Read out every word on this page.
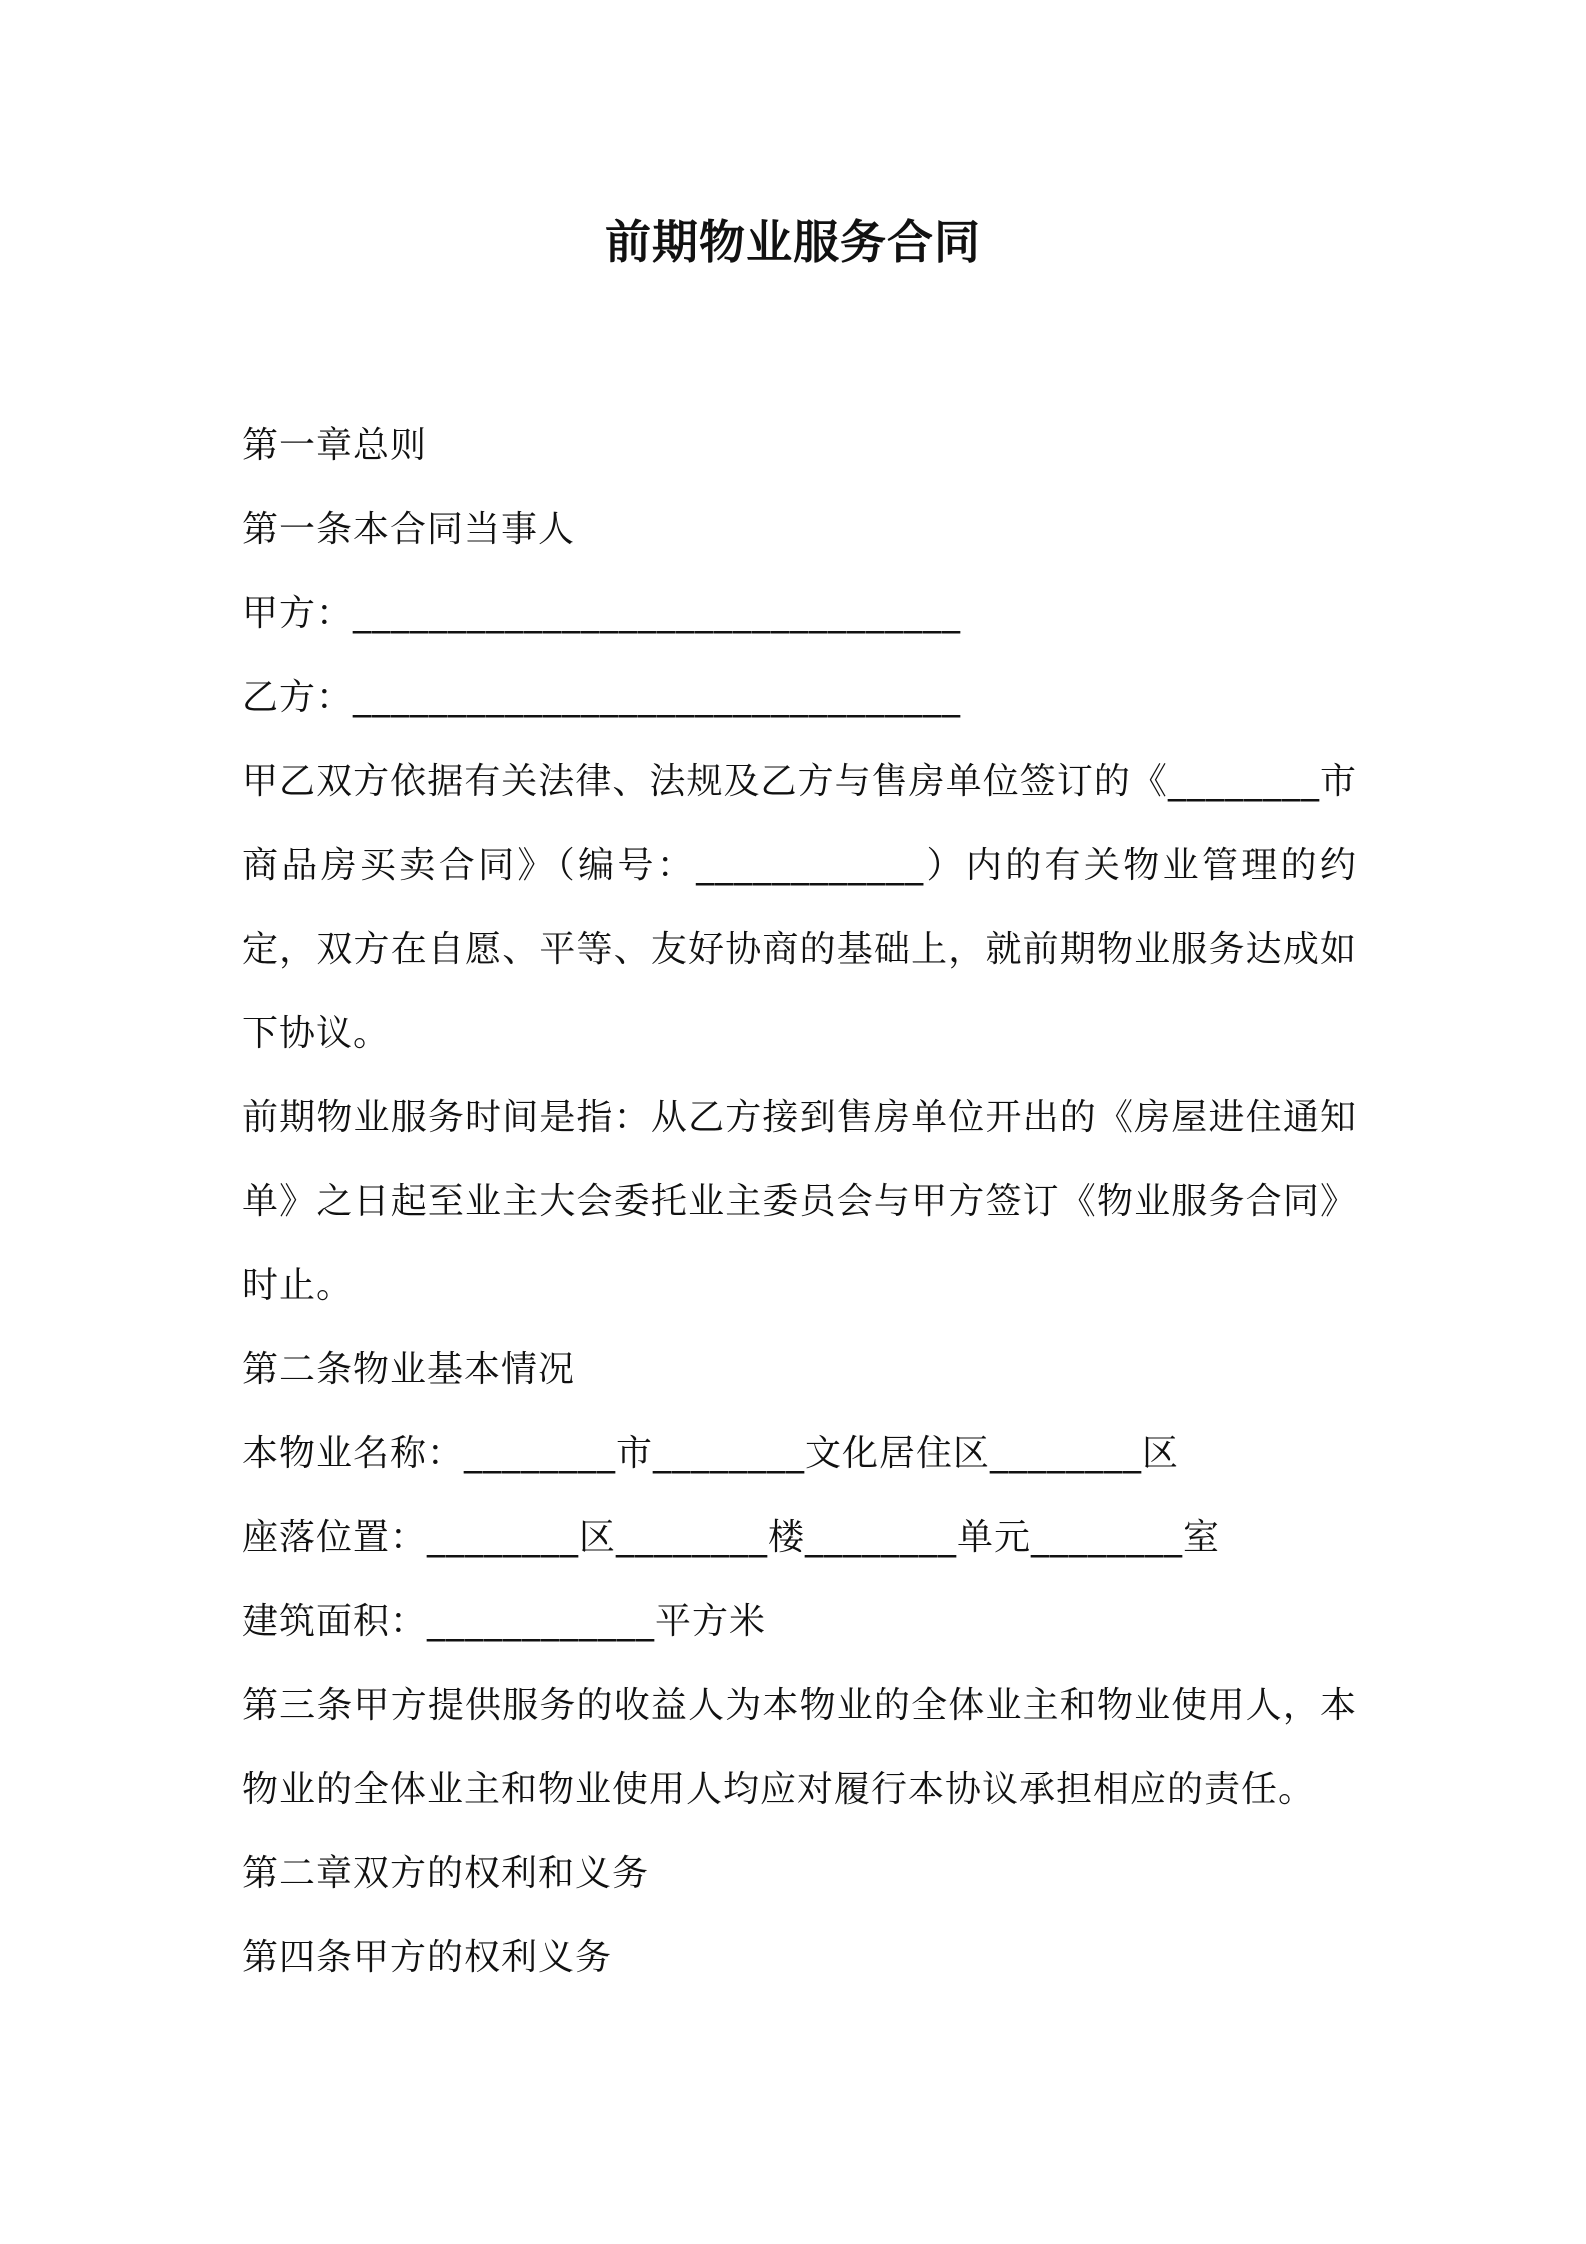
前期物业服务合同
第一章总则
第一条本合同当事人
甲方：________________________________
乙方：________________________________
甲乙双方依据有关法律、法规及乙方与售房单位签订的《________市商品房买卖合同》（编号：____________）内的有关物业管理的约定，双方在自愿、平等、友好协商的基础上，就前期物业服务达成如下协议。
前期物业服务时间是指：从乙方接到售房单位开出的《房屋进住通知单》之日起至业主大会委托业主委员会与甲方签订《物业服务合同》时止。
第二条物业基本情况
本物业名称：________市________文化居住区________区
座落位置：________区________楼________单元________室
建筑面积：____________平方米
第三条甲方提供服务的收益人为本物业的全体业主和物业使用人，本物业的全体业主和物业使用人均应对履行本协议承担相应的责任。
第二章双方的权利和义务
第四条甲方的权利义务
